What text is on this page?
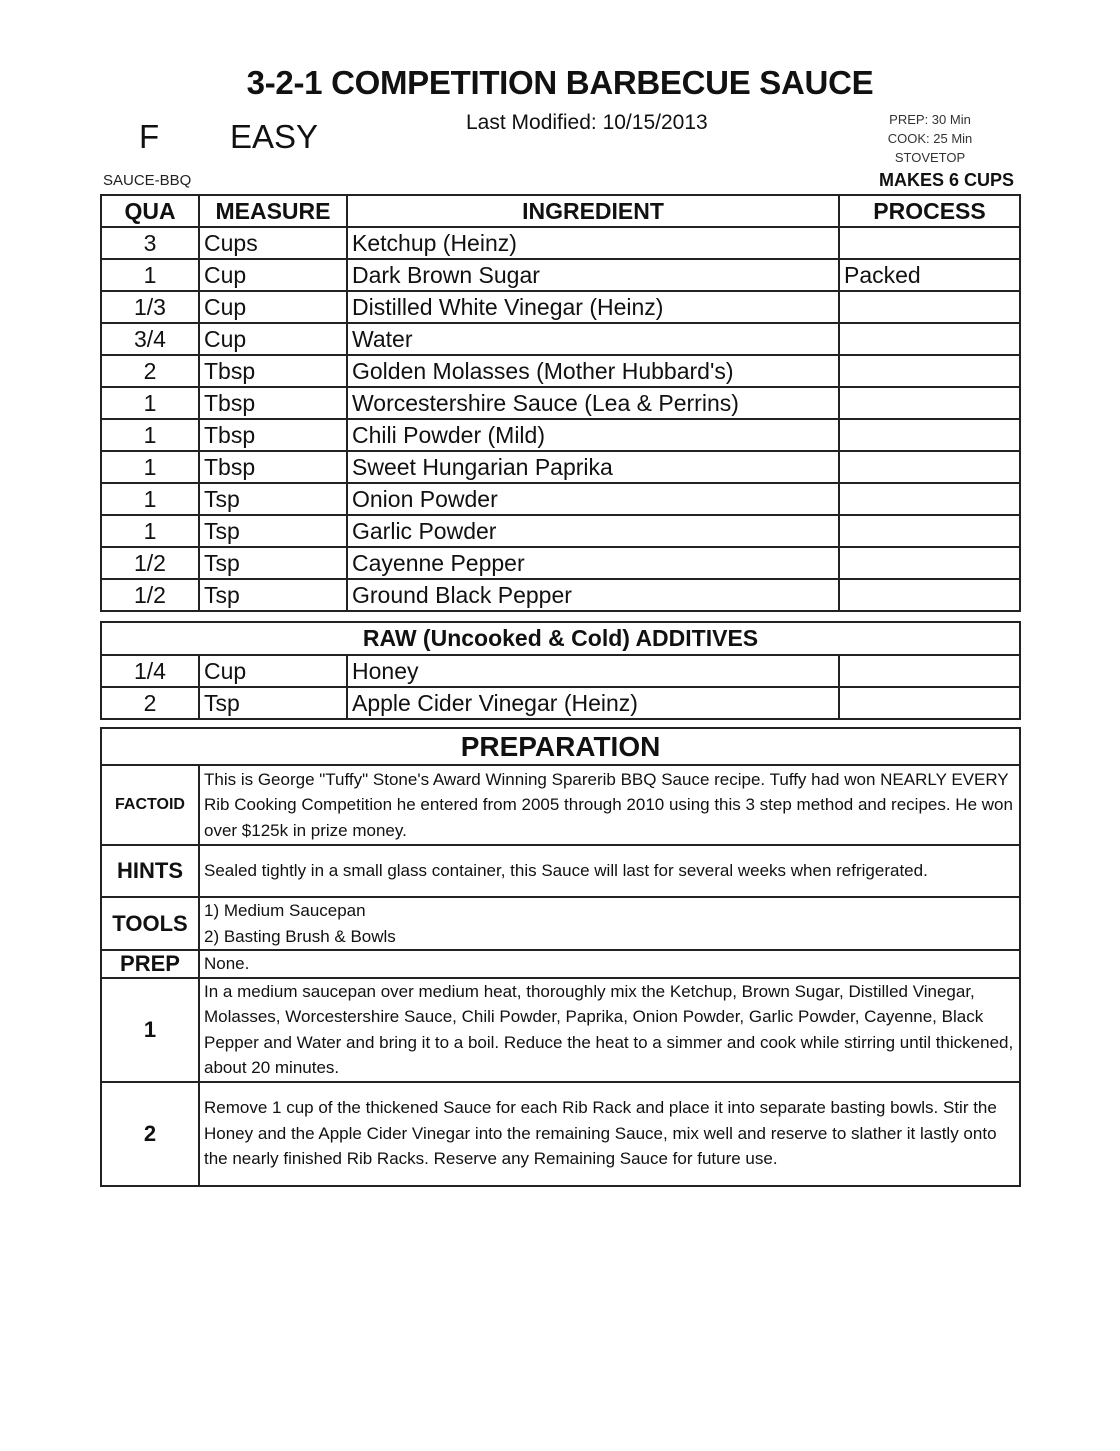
3-2-1 COMPETITION BARBECUE SAUCE
F EASY	Last Modified: 10/15/2013	PREP: 30 Min
COOK: 25 Min
STOVETOP
SAUCE-BBQ	MAKES 6 CUPS
QUA	MEASURE	INGREDIENT	PROCESS
3	Cups	Ketchup (Heinz)	
1	Cup	Dark Brown Sugar	Packed
1/3	Cup	Distilled White Vinegar (Heinz)	
3/4	Cup	Water	
2	Tbsp	Golden Molasses (Mother Hubbard's)	
1	Tbsp	Worcestershire Sauce (Lea & Perrins)	
1	Tbsp	Chili Powder (Mild)	
1	Tbsp	Sweet Hungarian Paprika	
1	Tsp	Onion Powder	
1	Tsp	Garlic Powder	
1/2	Tsp	Cayenne Pepper	
1/2	Tsp	Ground Black Pepper	
RAW (Uncooked & Cold) ADDITIVES			
1/4	Cup	Honey	
2	Tsp	Apple Cider Vinegar (Heinz)	
PREPARATION	
FACTOID	This is George "Tuffy" Stone's Award Winning Sparerib BBQ Sauce recipe. Tuffy had won NEARLY EVERY Rib Cooking Competition he entered from 2005 through 2010 using this 3 step method and recipes. He won over $125k in prize money.
HINTS	Sealed tightly in a small glass container, this Sauce will last for several weeks when refrigerated.
TOOLS	1) Medium Saucepan
2) Basting Brush & Bowls

PREP	None.
1	In a medium saucepan over medium heat, thoroughly mix the Ketchup, Brown Sugar, Distilled Vinegar, Molasses, Worcestershire Sauce, Chili Powder, Paprika, Onion Powder, Garlic Powder, Cayenne, Black Pepper and Water and bring it to a boil. Reduce the heat to a simmer and cook while stirring until thickened, about 20 minutes.
2	Remove 1 cup of the thickened Sauce for each Rib Rack and place it into separate basting bowls. Stir the Honey and the Apple Cider Vinegar into the remaining Sauce, mix well and reserve to slather it lastly onto the nearly finished Rib Racks. Reserve any Remaining Sauce for future use.
